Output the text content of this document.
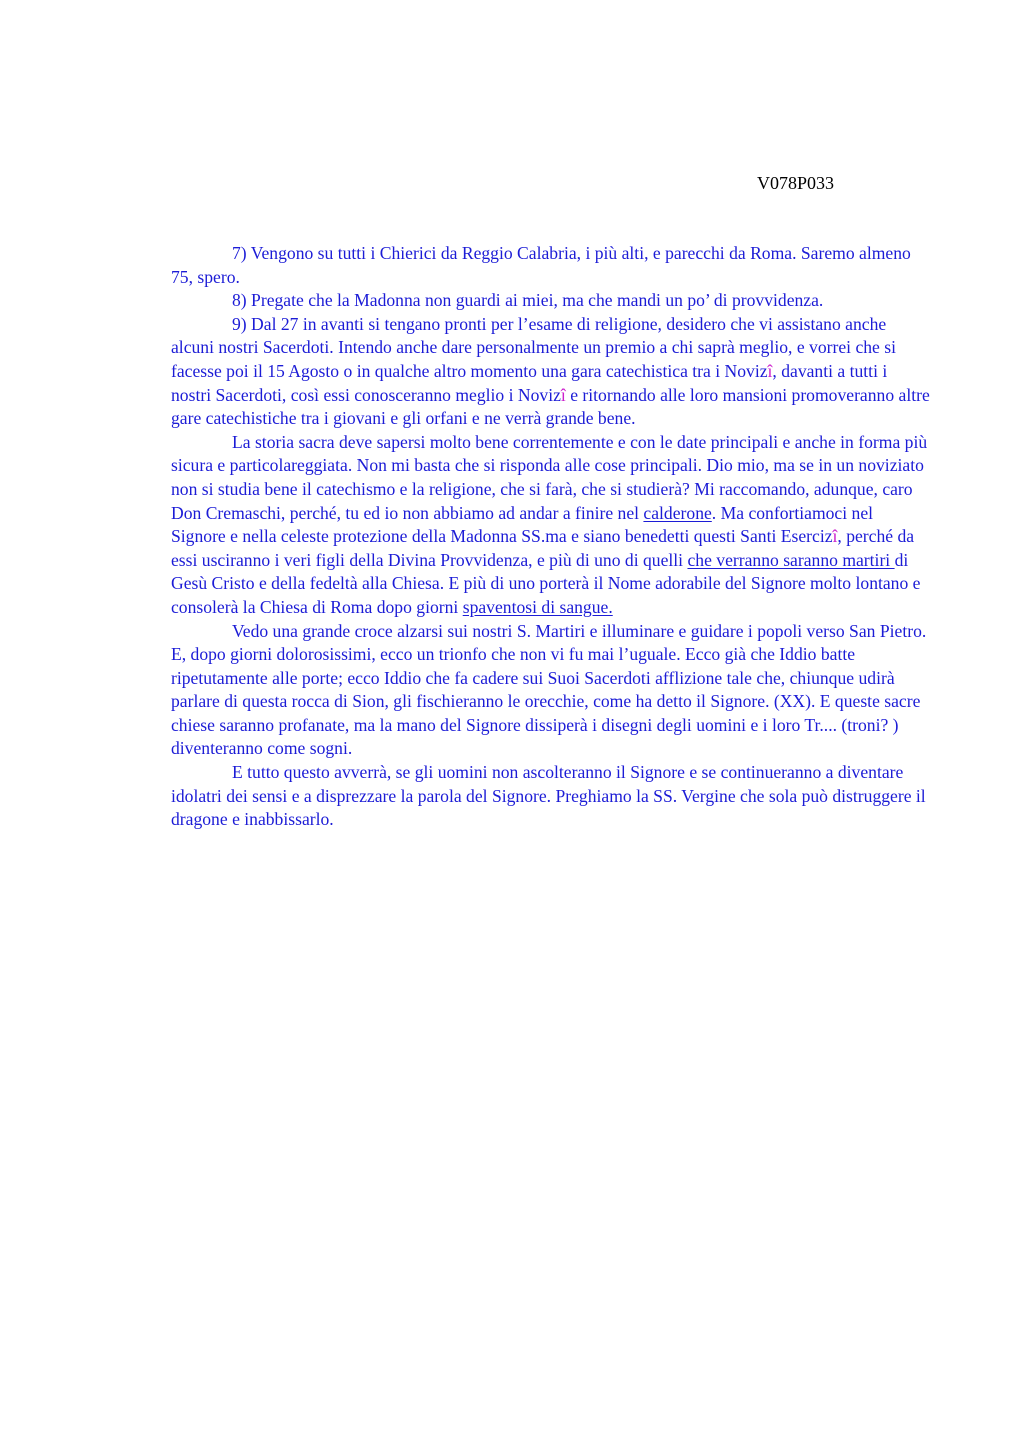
V078P033

7) Vengono su tutti i Chierici da Reggio Calabria, i più alti, e parecchi da Roma. Saremo almeno 75, spero.

8) Pregate che la Madonna non guardi ai miei, ma che mandi un po’ di provvidenza.

9) Dal 27 in avanti si tengano pronti per l’esame di religione, desidero che vi assistano anche alcuni nostri Sacerdoti. Intendo anche dare personalmente un premio a chi saprà meglio, e vorrei che si facesse poi il 15 Agosto o in qualche altro momento una gara catechistica tra i Novizî, davanti a tutti i nostri Sacerdoti, così essi conosceranno meglio i Novizî e ritornando alle loro mansioni promoveranno altre gare catechistiche tra i giovani e gli orfani e ne verrà grande bene.

La storia sacra deve sapersi molto bene correntemente e con le date principali e anche in forma più sicura e particolareggiata. Non mi basta che si risponda alle cose principali. Dio mio, ma se in un noviziato non si studia bene il catechismo e la religione, che si farà, che si studierà? Mi raccomando, adunque, caro Don Cremaschi, perché, tu ed io non abbiamo ad andar a finire nel calderone. Ma confortiamoci nel Signore e nella celeste protezione della Madonna SS.ma e siano benedetti questi Santi Esercizî, perché da essi usciranno i veri figli della Divina Provvidenza, e più di uno di quelli che verranno saranno martiri di Gesù Cristo e della fedeltà alla Chiesa. E più di uno porterà il Nome adorabile del Signore molto lontano e consolerà la Chiesa di Roma dopo giorni spaventosi di sangue.

Vedo una grande croce alzarsi sui nostri S. Martiri e illuminare e guidare i popoli verso San Pietro. E, dopo giorni dolorosissimi, ecco un trionfo che non vi fu mai l’uguale. Ecco già che Iddio batte ripetutamente alle porte; ecco Iddio che fa cadere sui Suoi Sacerdoti afflizione tale che, chiunque udirà parlare di questa rocca di Sion, gli fischieranno le orecchie, come ha detto il Signore. (XX). E queste sacre chiese saranno profanate, ma la mano del Signore dissiperà i disegni degli uomini e i loro Tr.... (troni? ) diventeranno come sogni.

E tutto questo avverrà, se gli uomini non ascolteranno il Signore e se continueranno a diventare idolatri dei sensi e a disprezzare la parola del Signore. Preghiamo la SS. Vergine che sola può distruggere il dragone e inabbissarlo.
